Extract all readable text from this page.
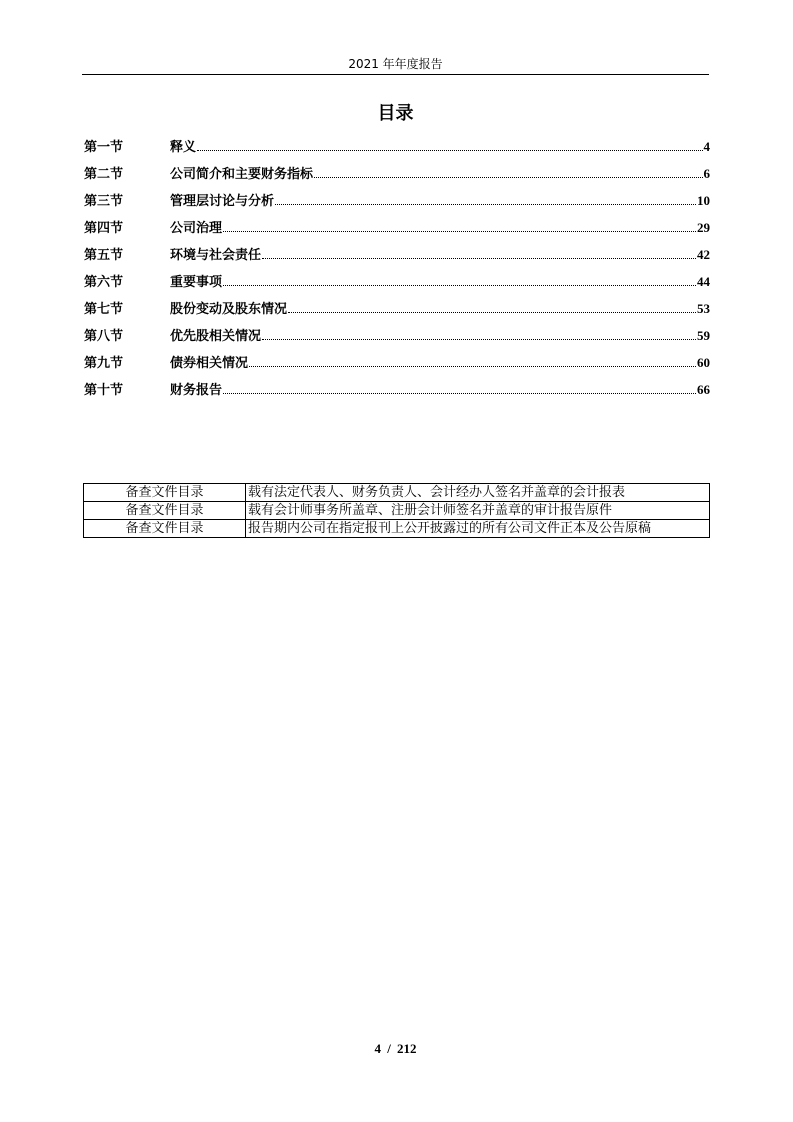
2021 年年度报告
目录
第一节	释义	4
第二节	公司简介和主要财务指标	6
第三节	管理层讨论与分析	10
第四节	公司治理	29
第五节	环境与社会责任	42
第六节	重要事项	44
第七节	股份变动及股东情况	53
第八节	优先股相关情况	59
第九节	债券相关情况	60
第十节	财务报告	66
备查文件目录	载有法定代表人、财务负责人、会计经办人签名并盖章的会计报表
备查文件目录	载有会计师事务所盖章、注册会计师签名并盖章的审计报告原件
备查文件目录	报告期内公司在指定报刊上公开披露过的所有公司文件正本及公告原稿
4 / 212
